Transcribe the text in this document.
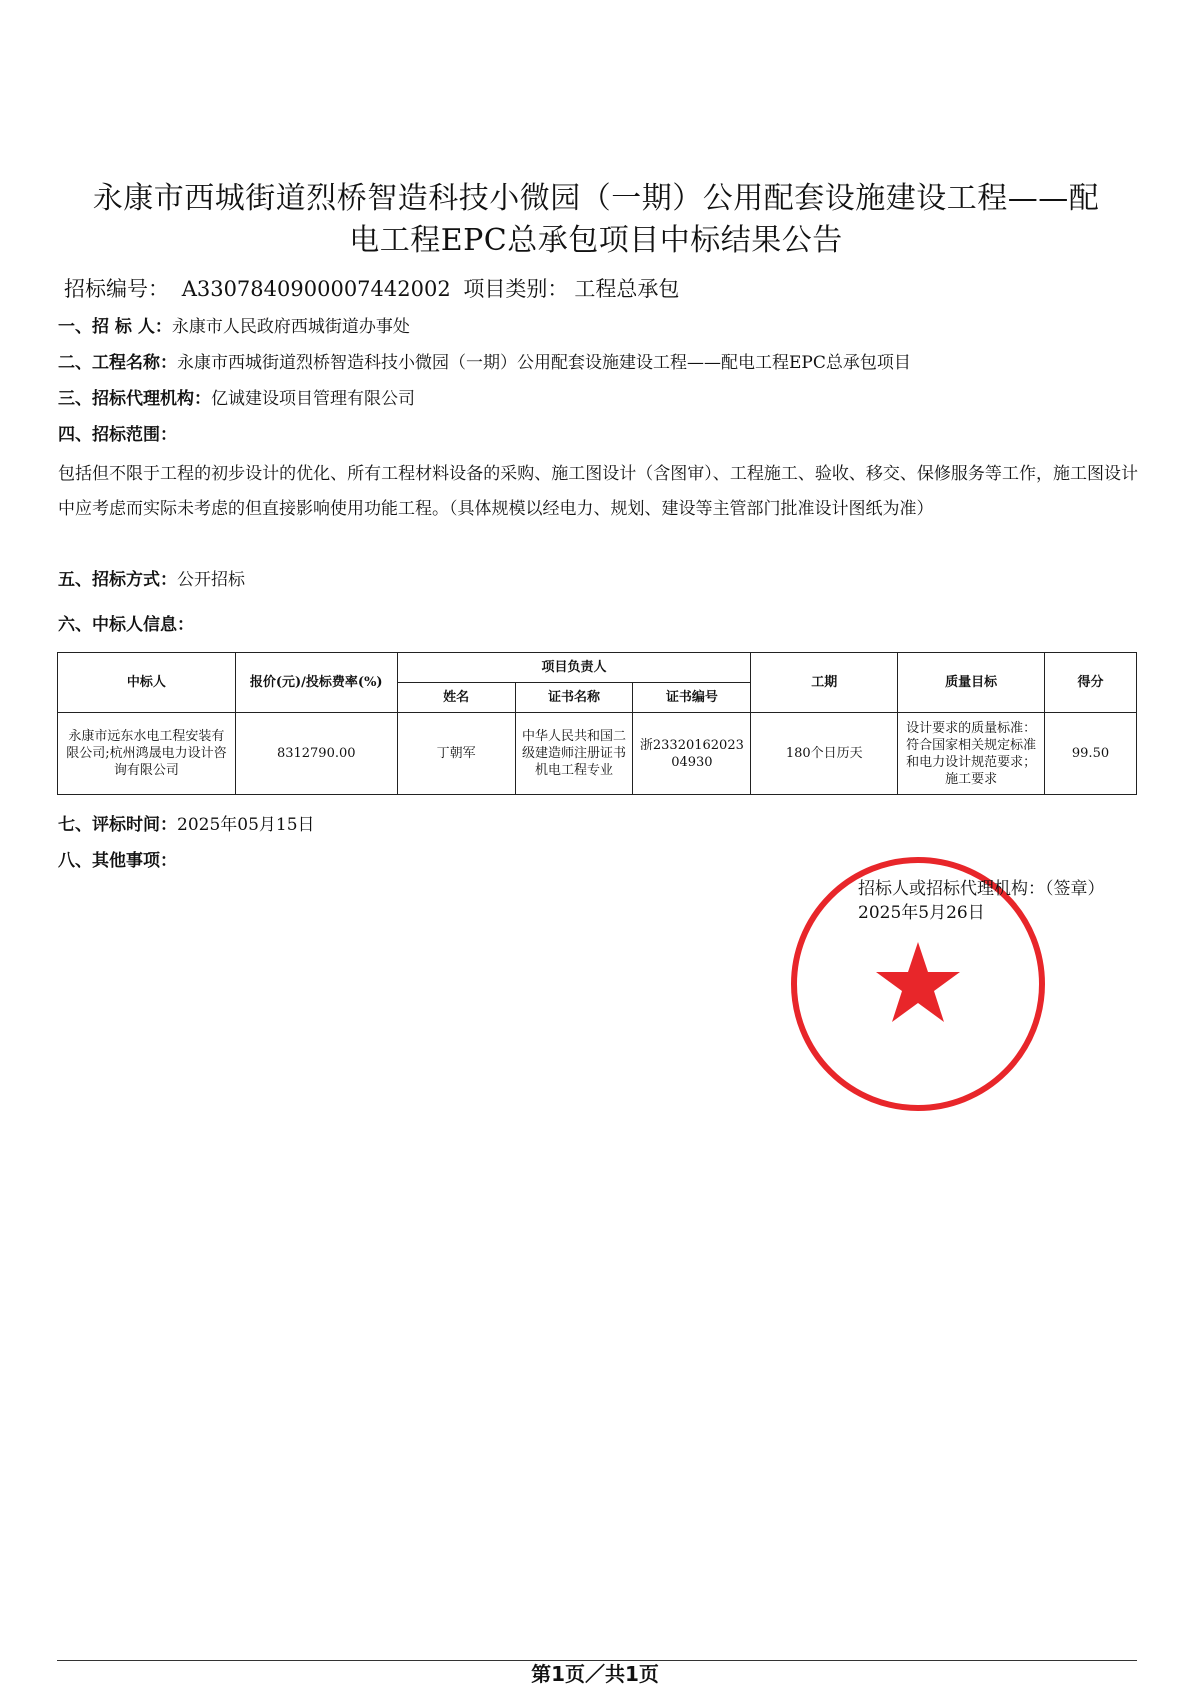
永康市西城街道烈桥智造科技小微园（一期）公用配套设施建设工程——配
电工程EPC总承包项目中标结果公告
招标编号： A3307840900007442002 项目类别： 工程总承包
一、招 标 人：永康市人民政府西城街道办事处
二、工程名称：永康市西城街道烈桥智造科技小微园（一期）公用配套设施建设工程——配电工程EPC总承包项目
三、招标代理机构：亿诚建设项目管理有限公司
四、招标范围：
包括但不限于工程的初步设计的优化、所有工程材料设备的采购、施工图设计（含图审）、工程施工、验收、移交、保修服务等工作，施工图设计中应考虑而实际未考虑的但直接影响使用功能工程。（具体规模以经电力、规划、建设等主管部门批准设计图纸为准）
五、招标方式：公开招标
六、中标人信息：
中标人	报价(元)/投标费率(%)	项目负责人			工期	质量目标	得分
		姓名	证书名称	证书编号			
永康市远东水电工程安装有限公司;杭州鸿晟电力设计咨询有限公司	8312790.00	丁朝军	中华人民共和国二级建造师注册证书机电工程专业	浙2332016202304930	180个日历天	设计要求的质量标准：符合国家相关规定标准和电力设计规范要求；施工要求	99.50
七、评标时间：2025年05月15日
八、其他事项：
招标人或招标代理机构：（签章）
2025年5月26日
第1页／共1页
